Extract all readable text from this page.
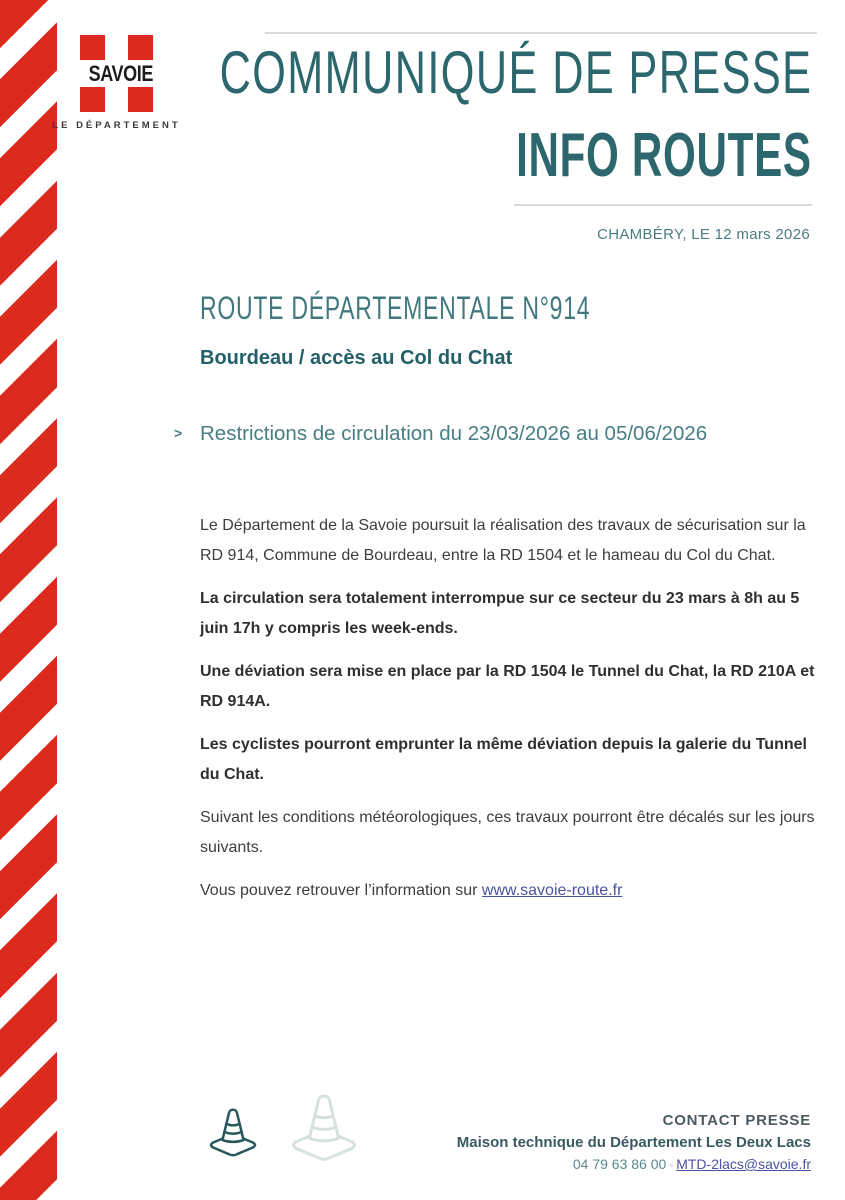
SAVOIE
LE DÉPARTEMENT
COMMUNIQUÉ DE PRESSE
INFO ROUTES
CHAMBÉRY, LE 12 mars 2026
ROUTE DÉPARTEMENTALE N°914
Bourdeau / accès au Col du Chat
> Restrictions de circulation du 23/03/2026 au 05/06/2026

Le Département de la Savoie poursuit la réalisation des travaux de sécurisation sur la RD 914, Commune de Bourdeau, entre la RD 1504 et le hameau du Col du Chat.

La circulation sera totalement interrompue sur ce secteur du 23 mars à 8h au 5 juin 17h y compris les week-ends.

Une déviation sera mise en place par la RD 1504 le Tunnel du Chat, la RD 210A et RD 914A.

Les cyclistes pourront emprunter la même déviation depuis la galerie du Tunnel du Chat.

Suivant les conditions météorologiques, ces travaux pourront être décalés sur les jours suivants.

Vous pouvez retrouver l’information sur www.savoie-route.fr

CONTACT PRESSE
Maison technique du Département Les Deux Lacs
04 79 63 86 00 ◦ MTD-2lacs@savoie.fr
